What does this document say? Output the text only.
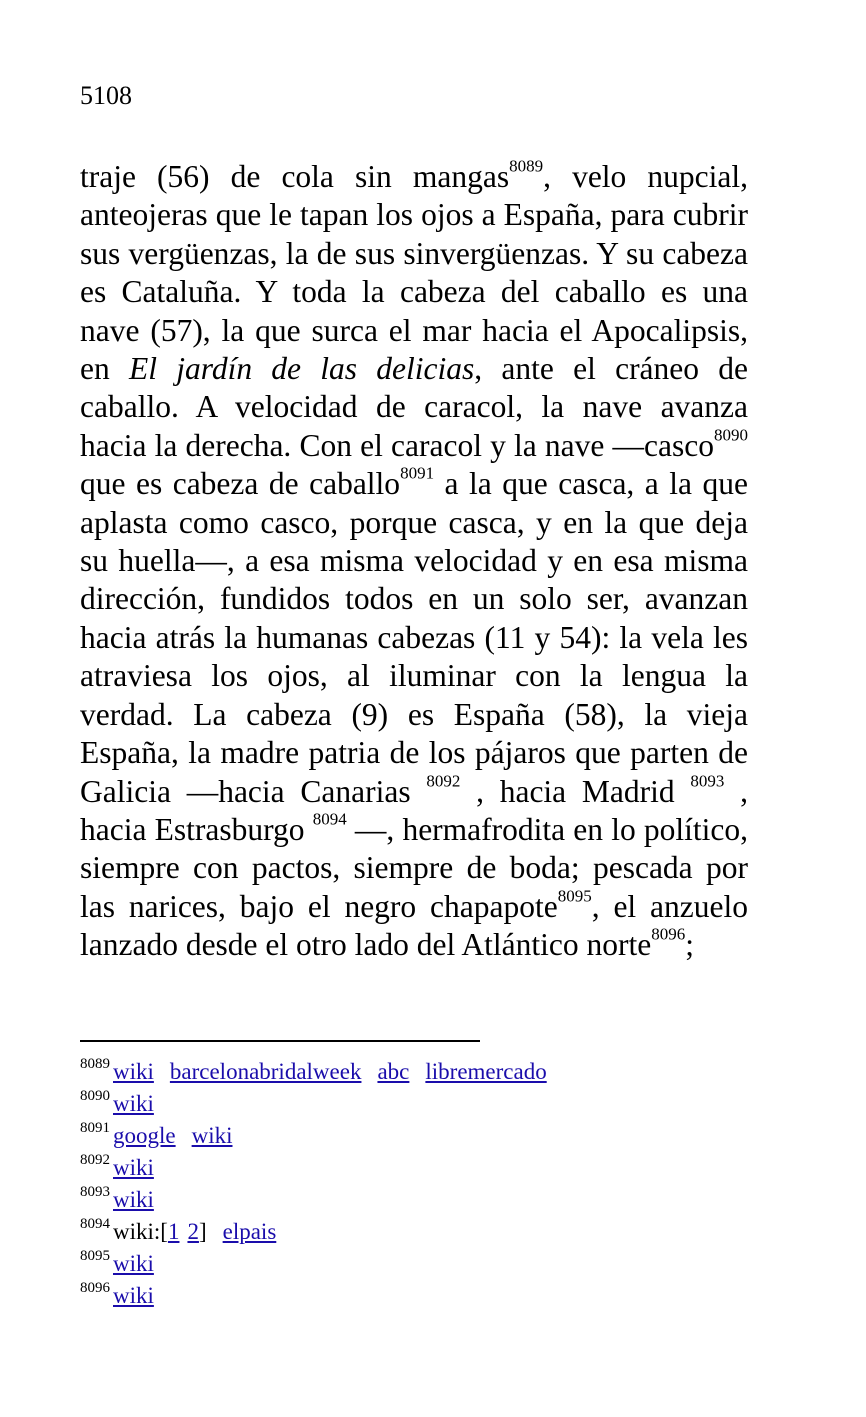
5108

traje (56) de cola sin mangas$^{8089}$, velo nupcial, anteojeras que le tapan los ojos a España, para cubrir sus vergüenzas, la de sus sinvergüenzas. Y su cabeza es Cataluña. Y toda la cabeza del caballo es una nave (57), la que surca el mar hacia el Apocalipsis, en El jardín de las delicias, ante el cráneo de caballo. A velocidad de caracol, la nave avanza hacia la derecha. Con el caracol y la nave —casco$^{8090}$ que es cabeza de caballo$^{8091}$ a la que casca, a la que aplasta como casco, porque casca, y en la que deja su huella—, a esa misma velocidad y en esa misma dirección, fundidos todos en un solo ser, avanzan hacia atrás la humanas cabezas (11 y 54): la vela les atraviesa los ojos, al iluminar con la lengua la verdad. La cabeza (9) es España (58), la vieja España, la madre patria de los pájaros que parten de Galicia —hacia Canarias $^{8092}$ , hacia Madrid $^{8093}$ , hacia Estrasburgo $^{8094}$ —, hermafrodita en lo político, siempre con pactos, siempre de boda; pescada por las narices, bajo el negro chapapote$^{8095}$, el anzuelo lanzado desde el otro lado del Atlántico norte$^{8096}$;

8089 wiki barcelonabridalweek abc libremercado
8090 wiki
8091 google wiki
8092 wiki
8093 wiki
8094 wiki:[1 2] elpais
8095 wiki
8096 wiki
